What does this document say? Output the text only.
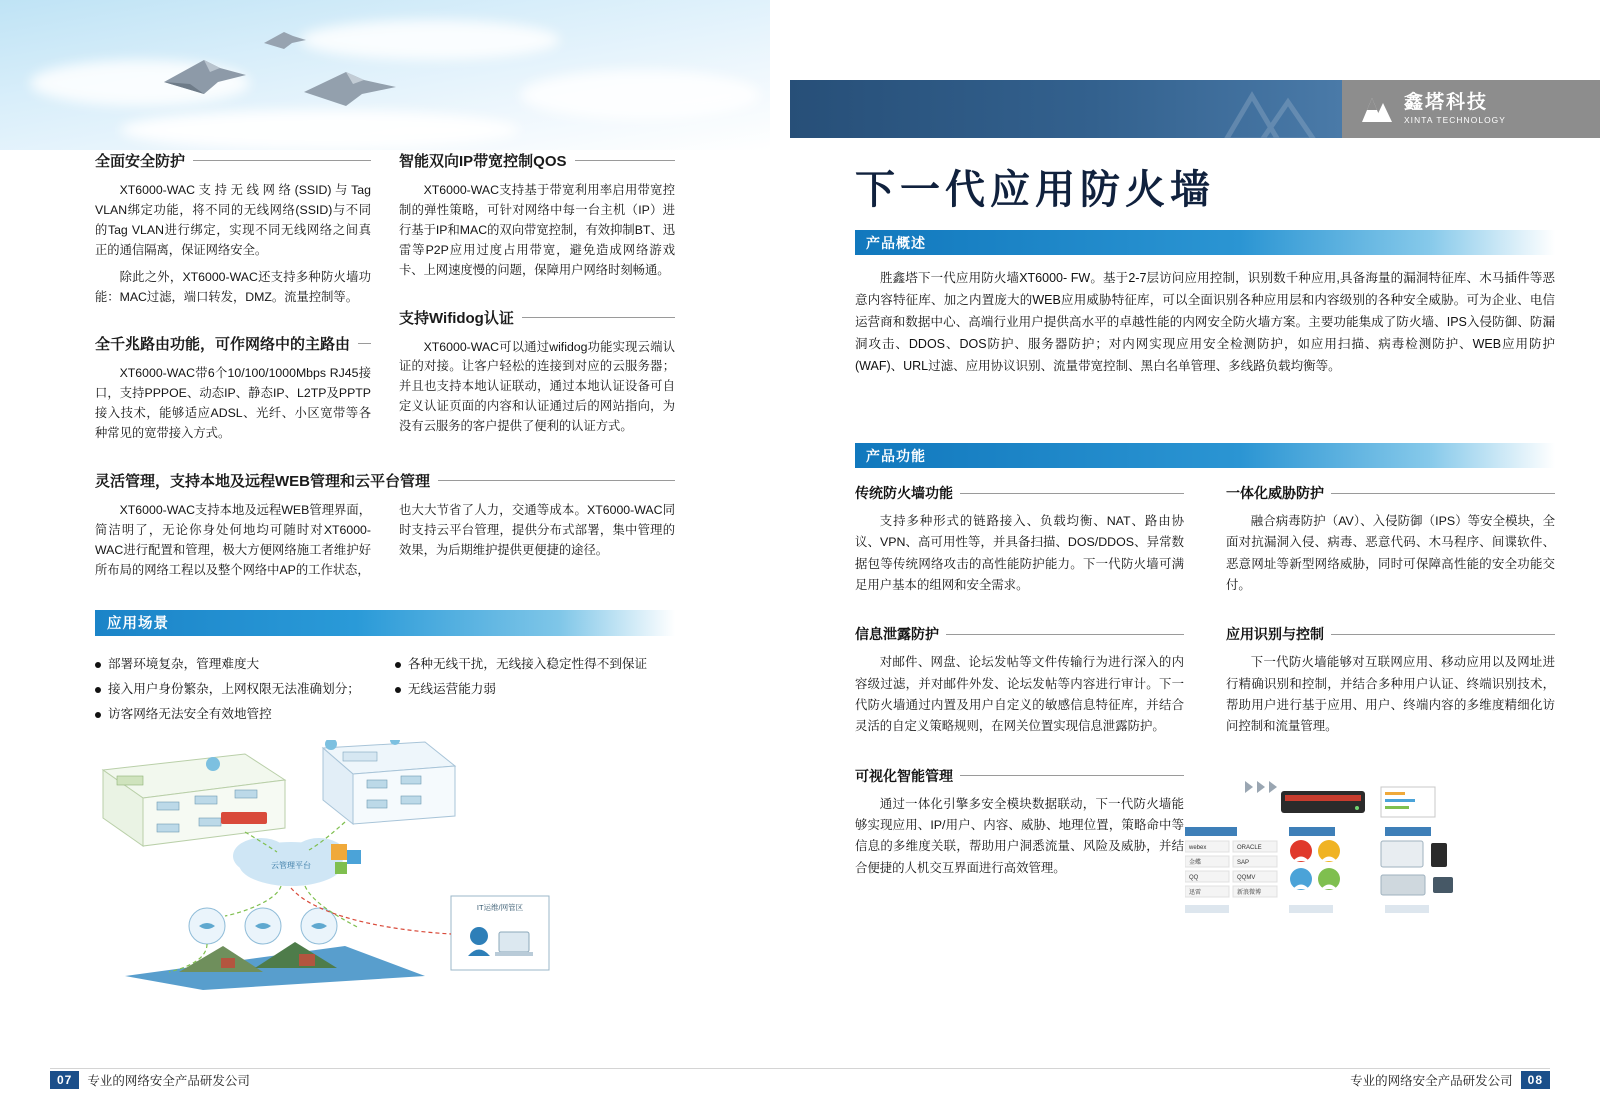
全面安全防护

XT6000-WAC支持无线网络(SSID)与Tag VLAN绑定功能，将不同的无线网络(SSID)与不同的Tag VLAN进行绑定，实现不同无线网络之间真正的通信隔离，保证网络安全。

除此之外，XT6000-WAC还支持多种防火墙功能：MAC过滤，端口转发，DMZ。流量控制等。

全千兆路由功能，可作网络中的主路由

XT6000-WAC带6个10/100/1000Mbps RJ45接口，支持PPPOE、动态IP、静态IP、L2TP及PPTP接入技术，能够适应ADSL、光纤、小区宽带等各种常见的宽带接入方式。

智能双向IP带宽控制QOS

XT6000-WAC支持基于带宽利用率启用带宽控制的弹性策略，可针对网络中每一台主机（IP）进行基于IP和MAC的双向带宽控制，有效抑制BT、迅雷等P2P应用过度占用带宽，避免造成网络游戏卡、上网速度慢的问题，保障用户网络时刻畅通。

支持Wifidog认证

XT6000-WAC可以通过wifidog功能实现云端认证的对接。让客户轻松的连接到对应的云服务器；并且也支持本地认证联动，通过本地认证设备可自定义认证页面的内容和认证通过后的网站指向，为没有云服务的客户提供了便利的认证方式。

灵活管理，支持本地及远程WEB管理和云平台管理

XT6000-WAC支持本地及远程WEB管理界面，简洁明了，无论你身处何地均可随时对XT6000-WAC进行配置和管理，极大方便网络施工者维护好所布局的网络工程以及整个网络中AP的工作状态，

也大大节省了人力，交通等成本。XT6000-WAC同时支持云平台管理，提供分布式部署，集中管理的效果，为后期维护提供更便捷的途径。

应用场景
部署环境复杂，管理难度大
接入用户身份繁杂，上网权限无法准确划分；
访客网络无法安全有效地管控
各种无线干扰，无线接入稳定性得不到保证
无线运营能力弱
云管理平台
IT运维/网管区
鑫塔科技
XINTA TECHNOLOGY
下一代应用防火墙
产品概述

胜鑫塔下一代应用防火墙XT6000- FW。基于2-7层访问应用控制，识别数千种应用,具备海量的漏洞特征库、木马插件等恶意内容特征库、加之内置庞大的WEB应用威胁特征库，可以全面识别各种应用层和内容级别的各种安全威胁。可为企业、电信运营商和数据中心、高端行业用户提供高水平的卓越性能的内网安全防火墙方案。主要功能集成了防火墙、IPS入侵防御、防漏洞攻击、DDOS、DOS防护、服务器防护；对内网实现应用安全检测防护，如应用扫描、病毒检测防护、WEB应用防护(WAF)、URL过滤、应用协议识别、流量带宽控制、黑白名单管理、多线路负载均衡等。

产品功能
传统防火墙功能

支持多种形式的链路接入、负载均衡、NAT、路由协议、VPN、高可用性等，并具备扫描、DOS/DDOS、异常数据包等传统网络攻击的高性能防护能力。下一代防火墙可满足用户基本的组网和安全需求。

信息泄露防护

对邮件、网盘、论坛发帖等文件传输行为进行深入的内容级过滤，并对邮件外发、论坛发帖等内容进行审计。下一代防火墙通过内置及用户自定义的敏感信息特征库，并结合灵活的自定义策略规则，在网关位置实现信息泄露防护。

可视化智能管理

通过一体化引擎多安全模块数据联动，下一代防火墙能够实现应用、IP/用户、内容、威胁、地理位置，策略命中等信息的多维度关联，帮助用户洞悉流量、风险及威胁，并结合便捷的人机交互界面进行高效管理。

一体化威胁防护

融合病毒防护（AV）、入侵防御（IPS）等安全模块，全面对抗漏洞入侵、病毒、恶意代码、木马程序、间谍软件、恶意网址等新型网络威胁，同时可保障高性能的安全功能交付。

应用识别与控制

下一代防火墙能够对互联网应用、移动应用以及网址进行精确识别和控制，并结合多种用户认证、终端识别技术，帮助用户进行基于应用、用户、终端内容的多维度精细化访问控制和流量管理。

webex	ORACLE
金蝶	SAP
QQ	QQMV
迅雷	新浪微博
07	专业的网络安全产品研发公司	专业的网络安全产品研发公司	08
